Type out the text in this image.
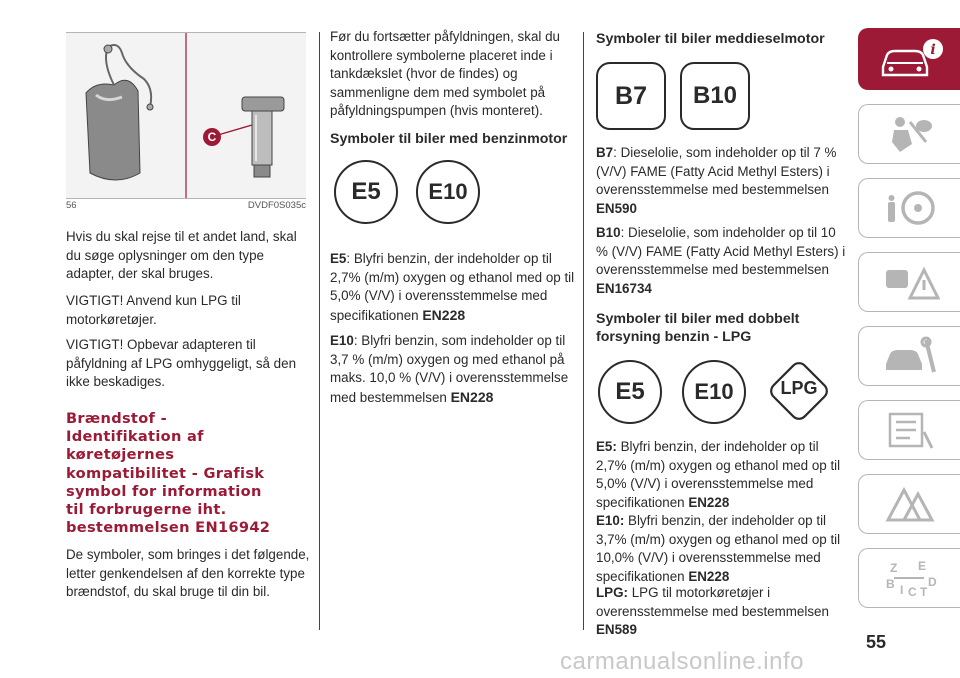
C
56	DVDF0S035c

Hvis du skal rejse til et andet land, skal du søge oplysninger om den type adapter, der skal bruges.

VIGTIGT! Anvend kun LPG til motorkøretøjer.

VIGTIGT! Opbevar adapteren til påfyldning af LPG omhyggeligt, så den ikke beskadiges.

Brændstof -
Identifikation af
køretøjernes
kompatibilitet - Grafisk
symbol for information
til forbrugerne iht.
bestemmelsen EN16942

De symboler, som bringes i det følgende, letter genkendelsen af den korrekte type brændstof, du skal bruge til din bil.

Før du fortsætter påfyldningen, skal du kontrollere symbolerne placeret inde i tankdækslet (hvor de findes) og sammenligne dem med symbolet på påfyldningspumpen (hvis monteret).

Symboler til biler med benzinmotor
E5 E10

E5: Blyfri benzin, der indeholder op til 2,7% (m/m) oxygen og ethanol med op til 5,0% (V/V) i overensstemmelse med specifikationen EN228

E10: Blyfri benzin, som indeholder op til 3,7 % (m/m) oxygen og med ethanol på maks. 10,0 % (V/V) i overensstemmelse med bestemmelsen EN228

Symboler til biler meddieselmotor
B7 B10

B7: Dieselolie, som indeholder op til 7 % (V/V) FAME (Fatty Acid Methyl Esters) i overensstemmelse med bestemmelsen EN590

B10: Dieselolie, som indeholder op til 10 % (V/V) FAME (Fatty Acid Methyl Esters) i overensstemmelse med bestemmelsen EN16734

Symboler til biler med dobbelt
forsyning benzin - LPG
E5 E10	LPG

E5: Blyfri benzin, der indeholder op til 2,7% (m/m) oxygen og ethanol med op til 5,0% (V/V) i overensstemmelse med specifikationen EN228

E10: Blyfri benzin, der indeholder op til 3,7% (m/m) oxygen og ethanol med op til 10,0% (V/V) i overensstemmelse med specifikationen EN228

LPG: LPG til motorkøretøjer i overensstemmelse med bestemmelsen EN589

i
Z E
B I C T
D
55
carmanualsonline.info
